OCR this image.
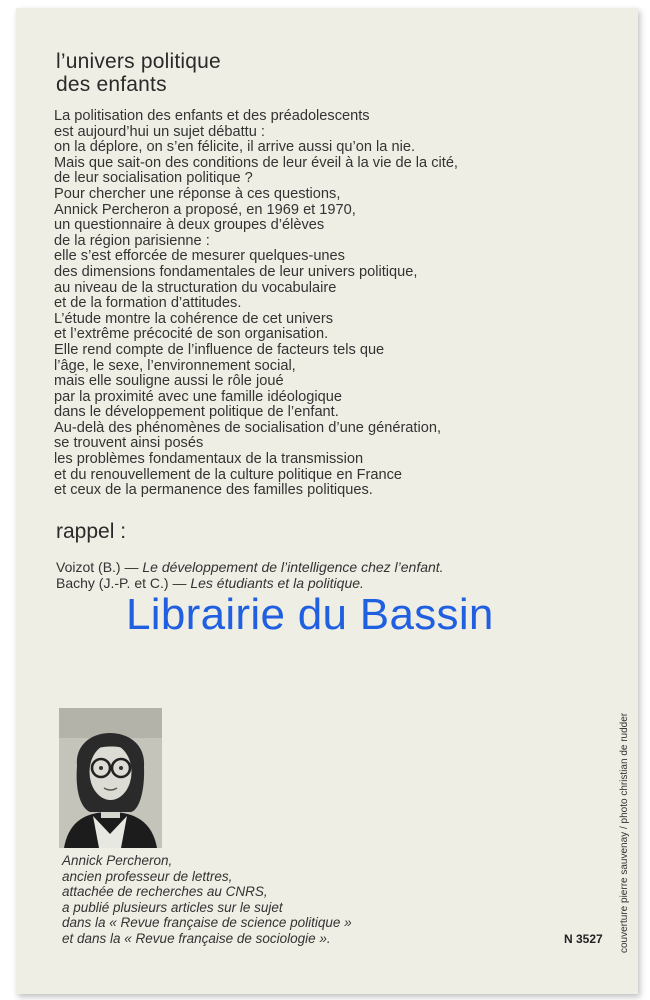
l’univers politique
des enfants
La politisation des enfants et des préadolescents
est aujourd’hui un sujet débattu :
on la déplore, on s’en félicite, il arrive aussi qu’on la nie.
Mais que sait-on des conditions de leur éveil à la vie de la cité,
de leur socialisation politique ?
Pour chercher une réponse à ces questions,
Annick Percheron a proposé, en 1969 et 1970,
un questionnaire à deux groupes d’élèves
de la région parisienne :
elle s’est efforcée de mesurer quelques-unes
des dimensions fondamentales de leur univers politique,
au niveau de la structuration du vocabulaire
et de la formation d’attitudes.
L’étude montre la cohérence de cet univers
et l’extrême précocité de son organisation.
Elle rend compte de l’influence de facteurs tels que
l’âge, le sexe, l’environnement social,
mais elle souligne aussi le rôle joué
par la proximité avec une famille idéologique
dans le développement politique de l’enfant.
Au-delà des phénomènes de socialisation d’une génération,
se trouvent ainsi posés
les problèmes fondamentaux de la transmission
et du renouvellement de la culture politique en France
et ceux de la permanence des familles politiques.
rappel :
Voizot (B.) — Le développement de l’intelligence chez l’enfant.
Bachy (J.-P. et C.) — Les étudiants et la politique.
Librairie du Bassin
Annick Percheron,
ancien professeur de lettres,
attachée de recherches au CNRS,
a publié plusieurs articles sur le sujet
dans la « Revue française de science politique »
et dans la « Revue française de sociologie ».	N 3527 couverture pierre sauvenay / photo christian de rudder
